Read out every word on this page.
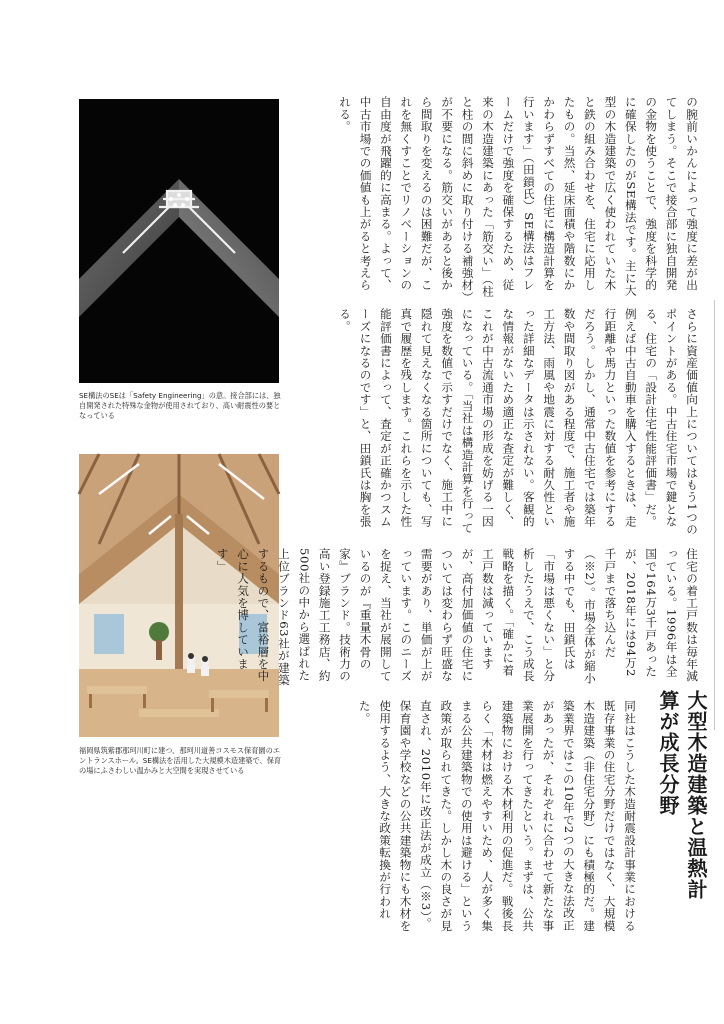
SE構法のSEは「Safety Engineering」の意。接合部には、独自開発された特殊な金物が使用されており、高い耐震性の要となっている

福岡県筑紫郡那珂川町に建つ、那珂川道善コスモス保育園のエントランスホール。SE構法を活用した大規模木造建築で、保育の場にふさわしい温かみと大空間を実現させている

の腕前いかんによって強度に差が出てしまう。そこで接合部に独自開発の金物を使うことで、強度を科学的に確保したのがSE構法です。主に大型の木造建築で広く使われていた木と鉄の組み合わせを、住宅に応用したもの。当然、延床面積や階数にかかわらずすべての住宅に構造計算を行います」（田鎖氏）SE構法はフレームだけで強度を確保するため、従来の木造建築にあった「筋交い」（柱と柱の間に斜めに取り付ける補強材）が不要になる。筋交いがあると後から間取りを変えるのは困難だが、これを無くすことでリノベーションの自由度が飛躍的に高まる。よって、中古市場での価値も上がると考えられる。

さらに資産価値向上についてはもう1つのポイントがある。中古住宅市場で鍵となる、住宅の「設計住宅性能評価書」だ。例えば中古自動車を購入するときは、走行距離や馬力といった数値を参考にするだろう。しかし、通常中古住宅では築年数や間取り図がある程度で、施工者や施工方法、雨風や地震に対する耐久性といった詳細なデータは示されない。客観的な情報がないため適正な査定が難しく、これが中古流通市場の形成を妨げる一因になっている。「当社は構造計算を行って強度を数値で示すだけでなく、施工中に隠れて見えなくなる箇所についても、写真で履歴を残します。これらを示した性能評価書によって、査定が正確かつスムーズになるのです」と、田鎖氏は胸を張る。

住宅の着工戸数は毎年減っている。1996年は全国で164万3千戸あったが、2018年には94万2千戸まで落ち込んだ（※2）。市場全体が縮小する中でも、田鎖氏は「市場は悪くない」と分析したうえで、こう成長戦略を描く。「確かに着工戸数は減っていますが、高付加価値の住宅については変わらず旺盛な需要があり、単価が上がっています。このニーズを捉え、当社が展開しているのが『重量木骨の家』ブランド。技術力の高い登録施工工務店、約500社の中から選ばれた上位ブランド63社が建築するもので、富裕層を中心に人気を博しています」

大型木造建築と温熱計算が成長分野

同社はこうした木造耐震設計事業における既存事業の住宅分野だけではなく、大規模木造建築（非住宅分野）にも積極的だ。建築業界ではこの10年で2つの大きな法改正があったが、それぞれに合わせて新たな事業展開を行ってきたという。まずは、公共建築物における木材利用の促進だ。戦後長らく「木材は燃えやすいため、人が多く集まる公共建築物での使用は避ける」という政策が取られてきた。しかし木の良さが見直され、2010年に改正法が成立（※3）。保育園や学校などの公共建築物にも木材を使用するよう、大きな政策転換が行われた。
